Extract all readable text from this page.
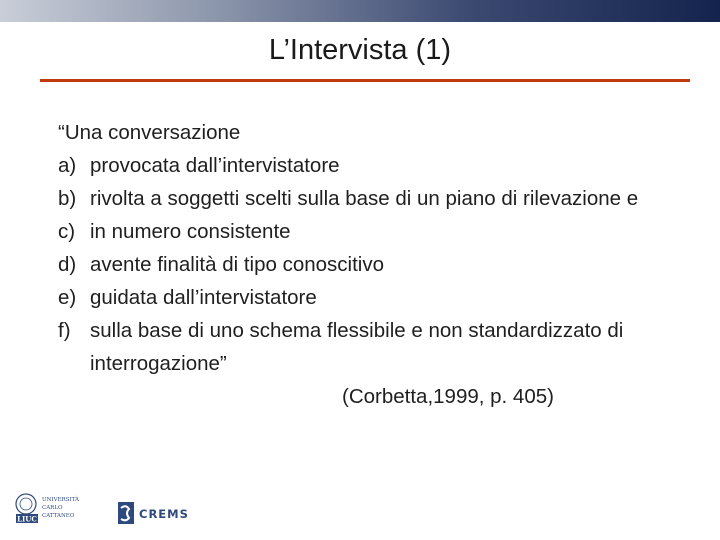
L’Intervista (1)

“Una conversazione

a) provocata dall’intervistatore
b) rivolta a soggetti scelti sulla base di un piano di rilevazione e
c) in numero consistente
d) avente finalità di tipo conoscitivo
e) guidata dall’intervistatore
f) sulla base di uno schema flessibile e non standardizzato di interrogazione”

(Corbetta,1999, p. 405)

LIUC
UNIVERSITÀ
CARLO
CATTANEO	CREMS
